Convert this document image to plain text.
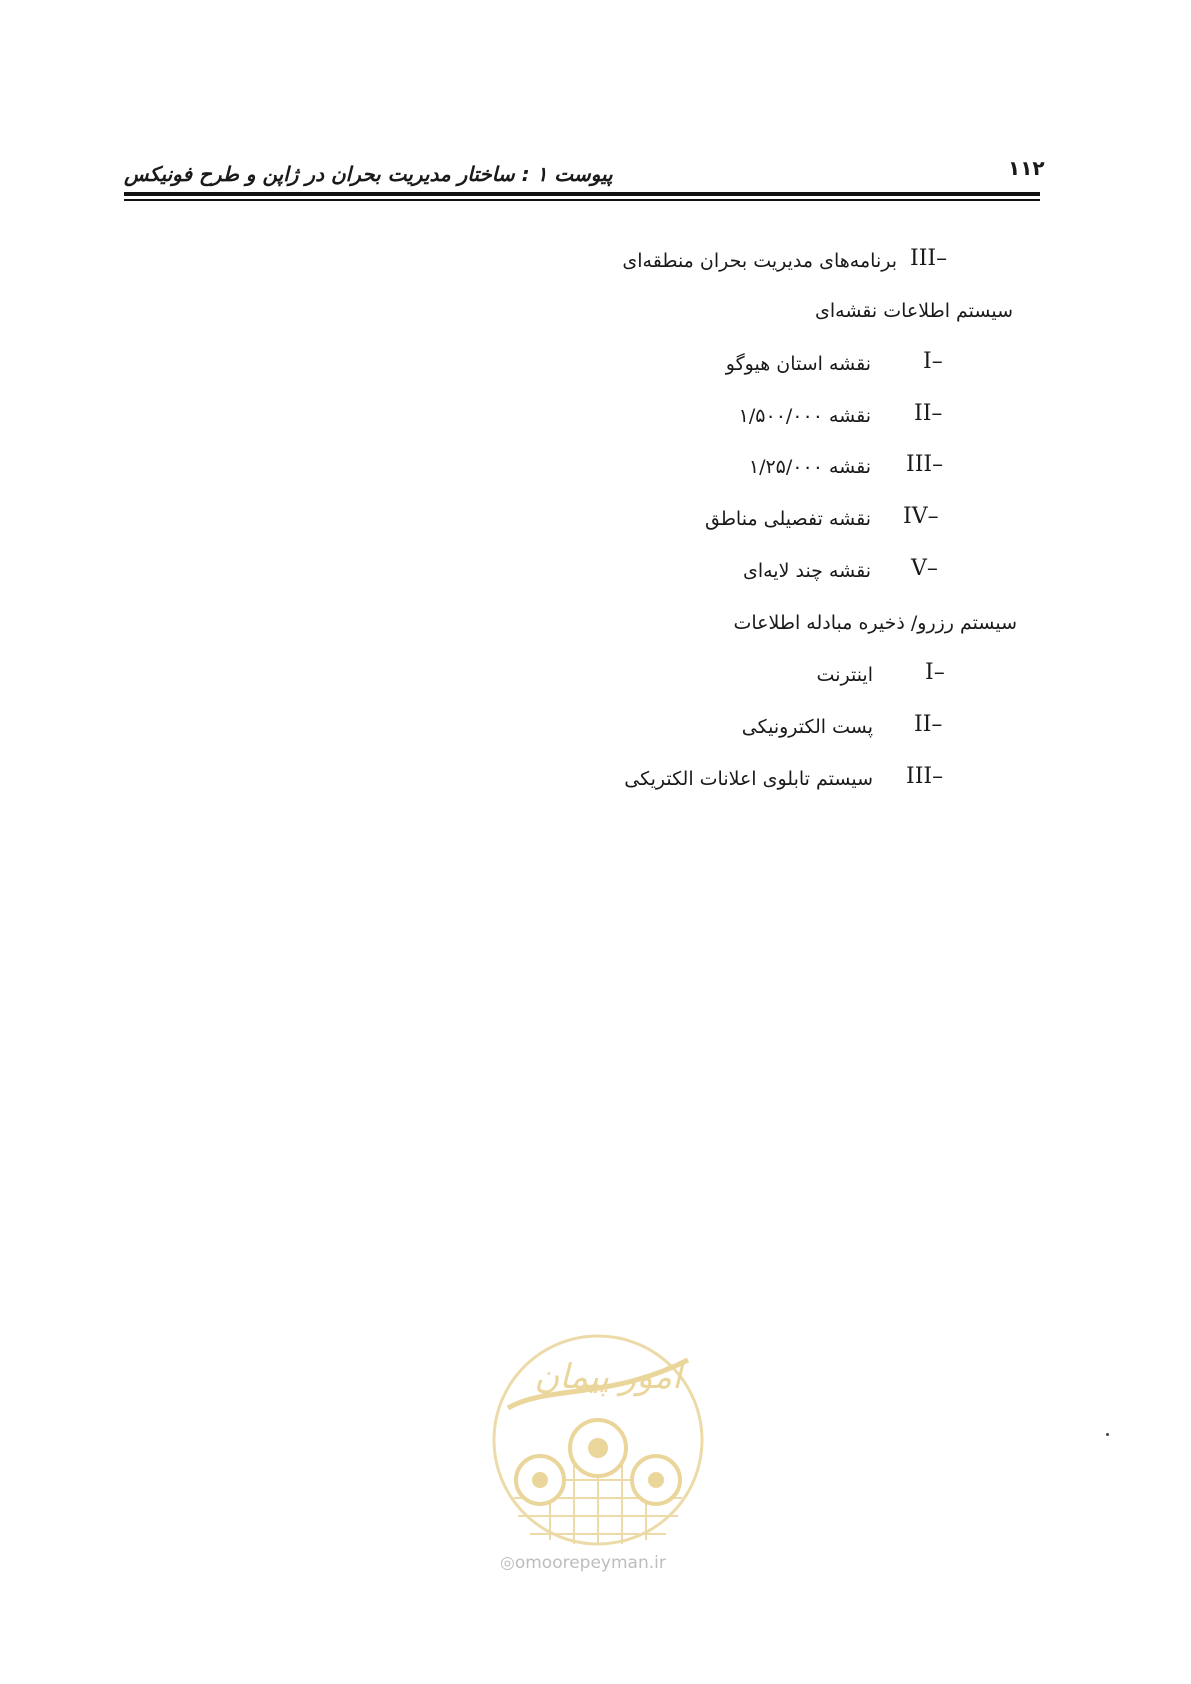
۱۱۲
پیوست ۱ : ساختار مدیریت بحران در ژاپن و طرح فونیکس
III–
برنامه‌های مدیریت بحران منطقه‌ای
سیستم اطلاعات نقشه‌ای
I–
نقشه استان هیوگو
II–
نقشه ۱/۵۰۰/۰۰۰
III–
نقشه ۱/۲۵/۰۰۰
IV–
نقشه تفصیلی مناطق
V–
نقشه چند لایه‌ای
سیستم رزرو/ ذخیره مبادله اطلاعات
I–
اینترنت
II–
پست الکترونیکی
III–
سیستم تابلوی اعلانات الکتریکی
امور پیمان
◎omoorepeyman.ir
